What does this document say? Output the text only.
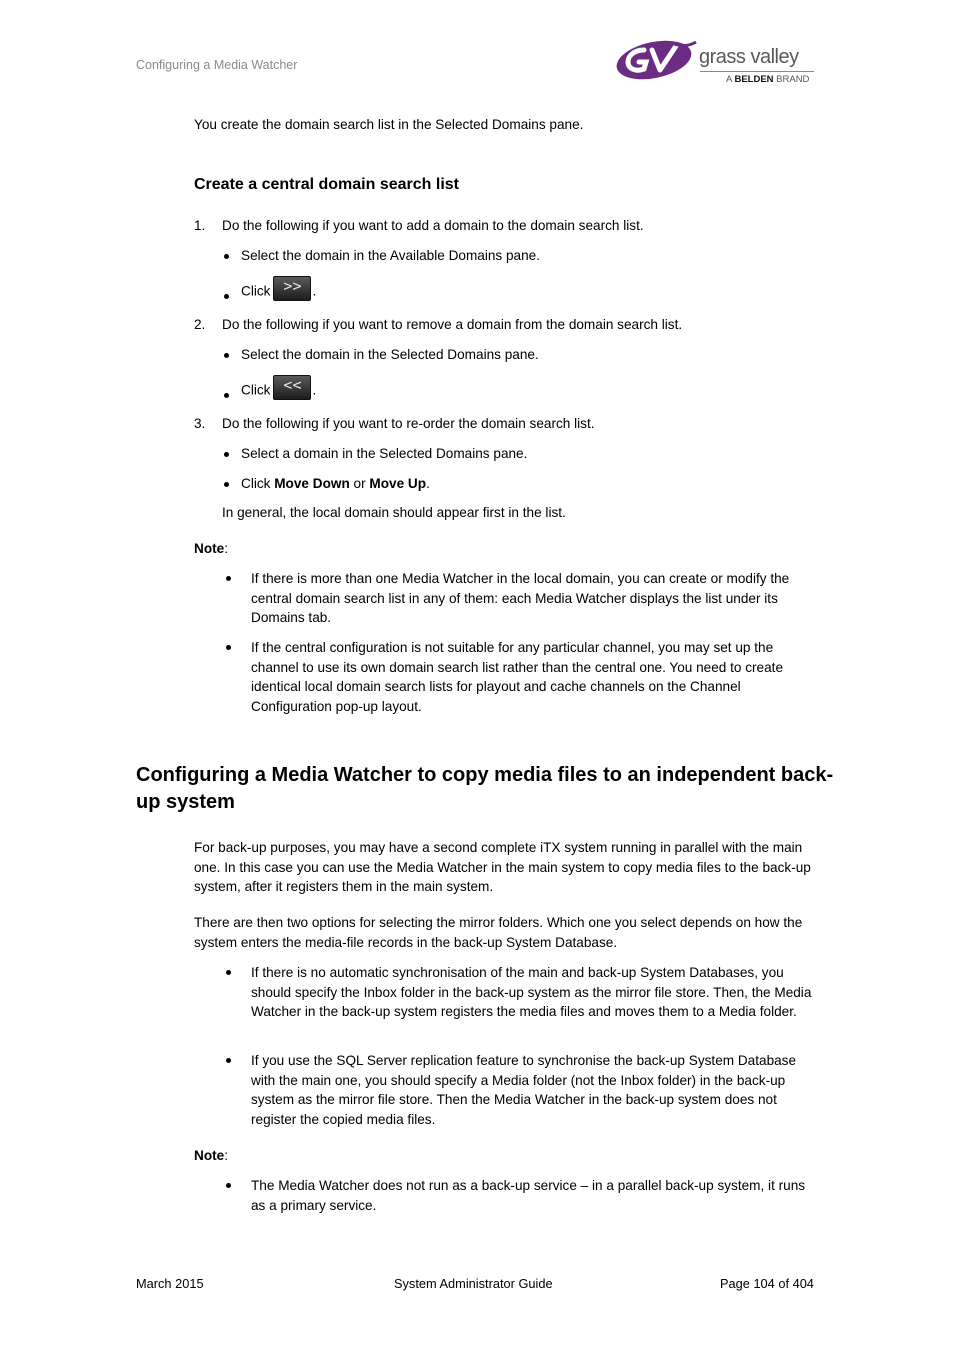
Configuring a Media Watcher	grass valley
A BELDEN BRAND

You create the domain search list in the Selected Domains pane.

Create a central domain search list
1. Do the following if you want to add a domain to the domain search list.
Select the domain in the Available Domains pane.
Click >> .
2. Do the following if you want to remove a domain from the domain search list.
Select the domain in the Selected Domains pane.
Click << .
3. Do the following if you want to re-order the domain search list.
Select a domain in the Selected Domains pane.
Click Move Down or Move Up.
In general, the local domain should appear first in the list.
Note:
If there is more than one Media Watcher in the local domain, you can create or modify the central domain search list in any of them: each Media Watcher displays the list under its Domains tab.
If the central configuration is not suitable for any particular channel, you may set up the channel to use its own domain search list rather than the central one. You need to create identical local domain search lists for playout and cache channels on the Channel Configuration pop-up layout.
Configuring a Media Watcher to copy media files to an independent back-up system

For back-up purposes, you may have a second complete iTX system running in parallel with the main one. In this case you can use the Media Watcher in the main system to copy media files to the back-up system, after it registers them in the main system.

There are then two options for selecting the mirror folders. Which one you select depends on how the system enters the media-file records in the back-up System Database.

If there is no automatic synchronisation of the main and back-up System Databases, you should specify the Inbox folder in the back-up system as the mirror file store. Then, the Media Watcher in the back-up system registers the media files and moves them to a Media folder.
If you use the SQL Server replication feature to synchronise the back-up System Database with the main one, you should specify a Media folder (not the Inbox folder) in the back-up system as the mirror file store. Then the Media Watcher in the back-up system does not register the copied media files.
Note:
The Media Watcher does not run as a back-up service – in a parallel back-up system, it runs as a primary service.
March 2015	System Administrator Guide	Page 104 of 404
